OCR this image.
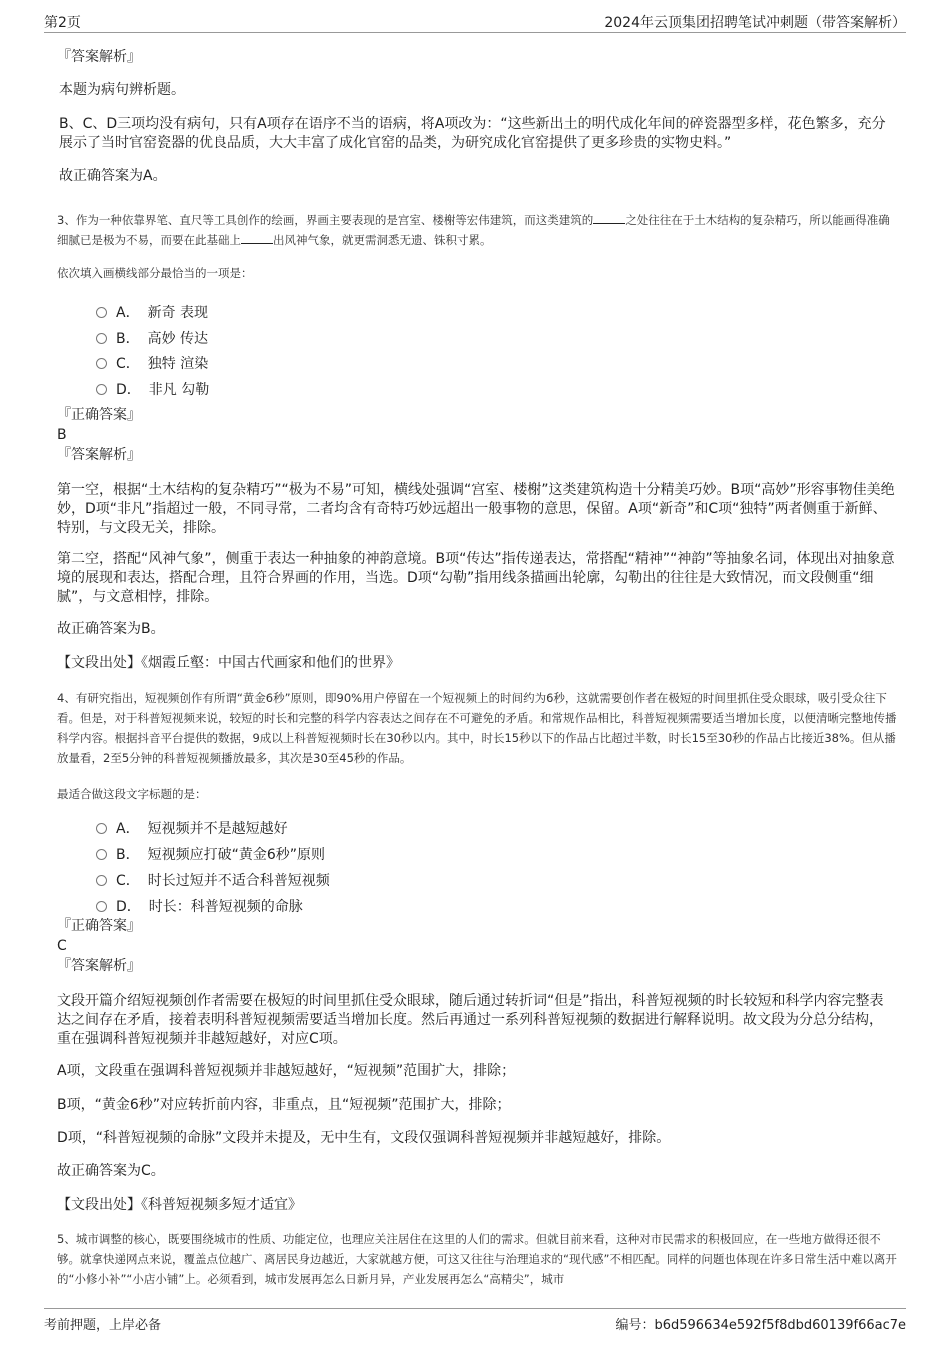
第2页	2024年云顶集团招聘笔试冲刺题（带答案解析）
『答案解析』
本题为病句辨析题。
B、C、D三项均没有病句，只有A项存在语序不当的语病，将A项改为：“这些新出土的明代成化年间的碎瓷器型多样，花色繁多，充分展示了当时官窑瓷器的优良品质，大大丰富了成化官窑的品类，为研究成化官窑提供了更多珍贵的实物史料。”
故正确答案为A。
3、作为一种依靠界笔、直尺等工具创作的绘画，界画主要表现的是宫室、楼榭等宏伟建筑，而这类建筑的	之处往往在于土木结构的复杂精巧，所以能画得准确细腻已是极为不易，而要在此基础上	出风神气象，就更需洞悉无遗、铢积寸累。
依次填入画横线部分最恰当的一项是：
A． 新奇 表现
B． 高妙 传达
C． 独特 渲染
D． 非凡 勾勒
『正确答案』
B
『答案解析』
第一空，根据“土木结构的复杂精巧”“极为不易”可知，横线处强调“宫室、楼榭”这类建筑构造十分精美巧妙。B项“高妙”形容事物佳美绝妙，D项“非凡”指超过一般，不同寻常，二者均含有奇特巧妙远超出一般事物的意思，保留。A项“新奇”和C项“独特”两者侧重于新鲜、特别，与文段无关，排除。
第二空，搭配“风神气象”，侧重于表达一种抽象的神韵意境。B项“传达”指传递表达，常搭配“精神”“神韵”等抽象名词，体现出对抽象意境的展现和表达，搭配合理，且符合界画的作用，当选。D项“勾勒”指用线条描画出轮廓，勾勒出的往往是大致情况，而文段侧重“细腻”，与文意相悖，排除。
故正确答案为B。
【文段出处】《烟霞丘壑：中国古代画家和他们的世界》
4、有研究指出，短视频创作有所谓“黄金6秒”原则，即90%用户停留在一个短视频上的时间约为6秒，这就需要创作者在极短的时间里抓住受众眼球，吸引受众往下看。但是，对于科普短视频来说，较短的时长和完整的科学内容表达之间存在不可避免的矛盾。和常规作品相比，科普短视频需要适当增加长度，以便清晰完整地传播科学内容。根据抖音平台提供的数据，9成以上科普短视频时长在30秒以内。其中，时长15秒以下的作品占比超过半数，时长15至30秒的作品占比接近38%。但从播放量看，2至5分钟的科普短视频播放最多，其次是30至45秒的作品。
最适合做这段文字标题的是：
A． 短视频并不是越短越好
B． 短视频应打破“黄金6秒”原则
C． 时长过短并不适合科普短视频
D． 时长：科普短视频的命脉
『正确答案』
C
『答案解析』
文段开篇介绍短视频创作者需要在极短的时间里抓住受众眼球，随后通过转折词“但是”指出，科普短视频的时长较短和科学内容完整表达之间存在矛盾，接着表明科普短视频需要适当增加长度。然后再通过一系列科普短视频的数据进行解释说明。故文段为分总分结构，重在强调科普短视频并非越短越好，对应C项。
A项，文段重在强调科普短视频并非越短越好，“短视频”范围扩大，排除；
B项，“黄金6秒”对应转折前内容，非重点，且“短视频”范围扩大，排除；
D项，“科普短视频的命脉”文段并未提及，无中生有，文段仅强调科普短视频并非越短越好，排除。
故正确答案为C。
【文段出处】《科普短视频多短才适宜》
5、城市调整的核心，既要围绕城市的性质、功能定位，也理应关注居住在这里的人们的需求。但就目前来看，这种对市民需求的积极回应，在一些地方做得还很不够。就拿快递网点来说，覆盖点位越广、离居民身边越近，大家就越方便，可这又往往与治理追求的“现代感”不相匹配。同样的问题也体现在许多日常生活中难以离开的“小修小补”“小店小铺”上。必须看到，城市发展再怎么日新月异，产业发展再怎么“高精尖”，城市
考前押题，上岸必备	编号：b6d596634e592f5f8dbd60139f66ac7e
